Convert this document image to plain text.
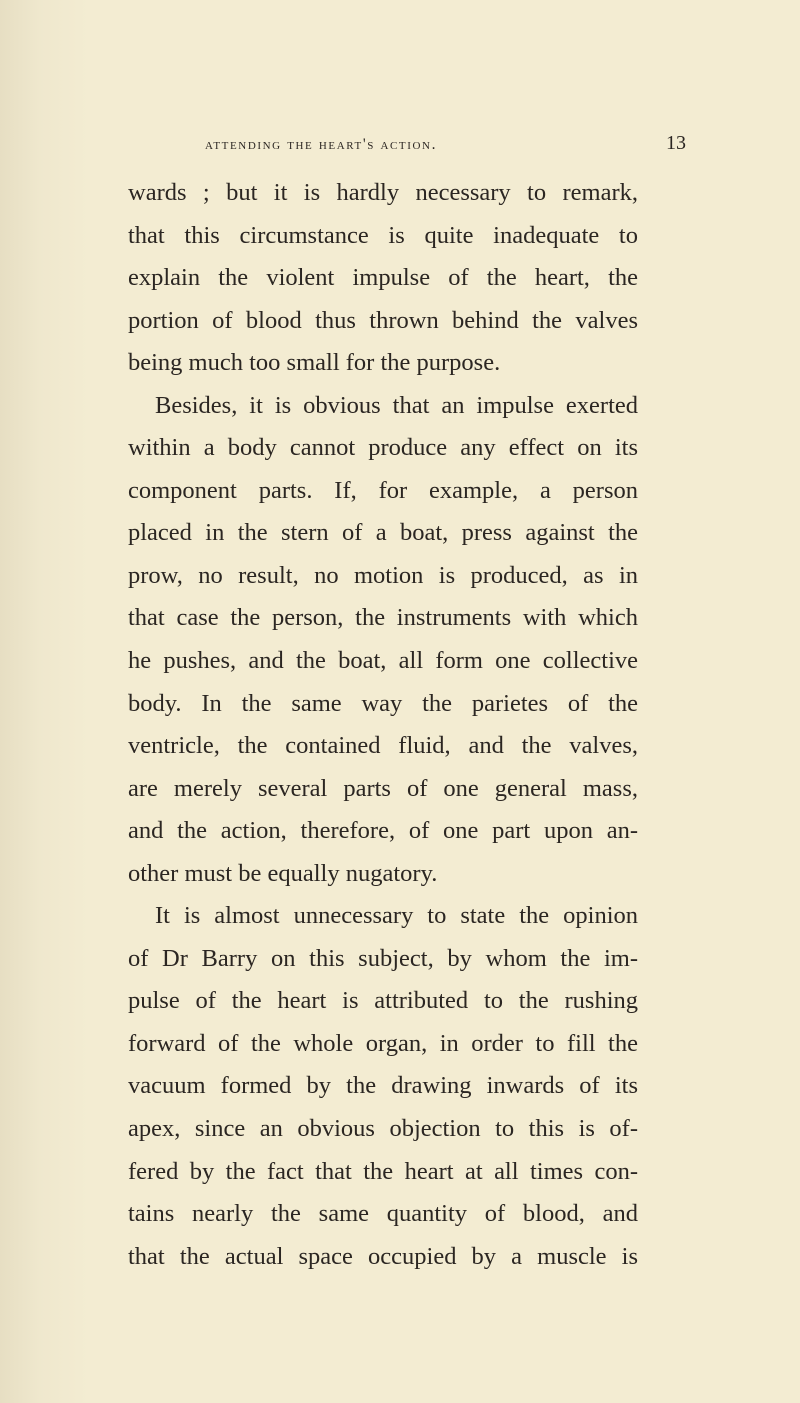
attending the heart's action.	13
wards ; but it is hardly necessary to remark,
that this circumstance is quite inadequate to
explain the violent impulse of the heart, the
portion of blood thus thrown behind the valves
being much too small for the purpose.
Besides, it is obvious that an impulse exerted
within a body cannot produce any effect on its
component parts. If, for example, a person
placed in the stern of a boat, press against the
prow, no result, no motion is produced, as in
that case the person, the instruments with which
he pushes, and the boat, all form one collective
body. In the same way the parietes of the
ventricle, the contained fluid, and the valves,
are merely several parts of one general mass,
and the action, therefore, of one part upon an-
other must be equally nugatory.
It is almost unnecessary to state the opinion
of Dr Barry on this subject, by whom the im-
pulse of the heart is attributed to the rushing
forward of the whole organ, in order to fill the
vacuum formed by the drawing inwards of its
apex, since an obvious objection to this is of-
fered by the fact that the heart at all times con-
tains nearly the same quantity of blood, and
that the actual space occupied by a muscle is
